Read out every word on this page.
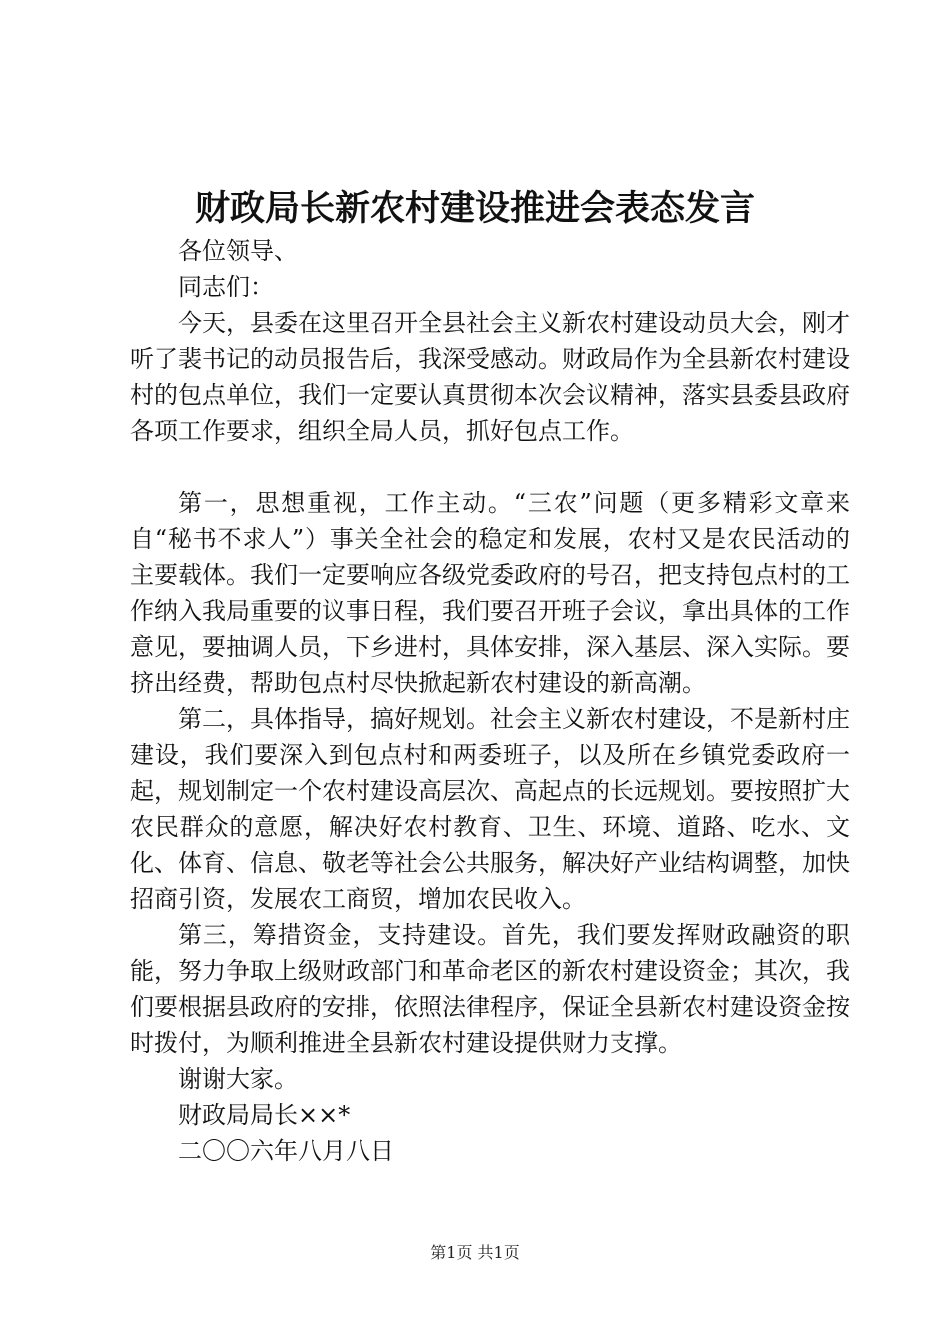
财政局长新农村建设推进会表态发言

各位领导、

同志们：

今天，县委在这里召开全县社会主义新农村建设动员大会，刚才听了裴书记的动员报告后，我深受感动。财政局作为全县新农村建设村的包点单位，我们一定要认真贯彻本次会议精神，落实县委县政府各项工作要求，组织全局人员，抓好包点工作。

第一，思想重视，工作主动。“三农”问题（更多精彩文章来自“秘书不求人”）事关全社会的稳定和发展，农村又是农民活动的主要载体。我们一定要响应各级党委政府的号召，把支持包点村的工作纳入我局重要的议事日程，我们要召开班子会议，拿出具体的工作意见，要抽调人员，下乡进村，具体安排，深入基层、深入实际。要挤出经费，帮助包点村尽快掀起新农村建设的新高潮。

第二，具体指导，搞好规划。社会主义新农村建设，不是新村庄建设，我们要深入到包点村和两委班子，以及所在乡镇党委政府一起，规划制定一个农村建设高层次、高起点的长远规划。要按照扩大农民群众的意愿，解决好农村教育、卫生、环境、道路、吃水、文化、体育、信息、敬老等社会公共服务，解决好产业结构调整，加快招商引资，发展农工商贸，增加农民收入。

第三，筹措资金，支持建设。首先，我们要发挥财政融资的职能，努力争取上级财政部门和革命老区的新农村建设资金；其次，我们要根据县政府的安排，依照法律程序，保证全县新农村建设资金按时拨付，为顺利推进全县新农村建设提供财力支撑。

谢谢大家。

财政局局长××*

二〇〇六年八月八日

第1页 共1页
